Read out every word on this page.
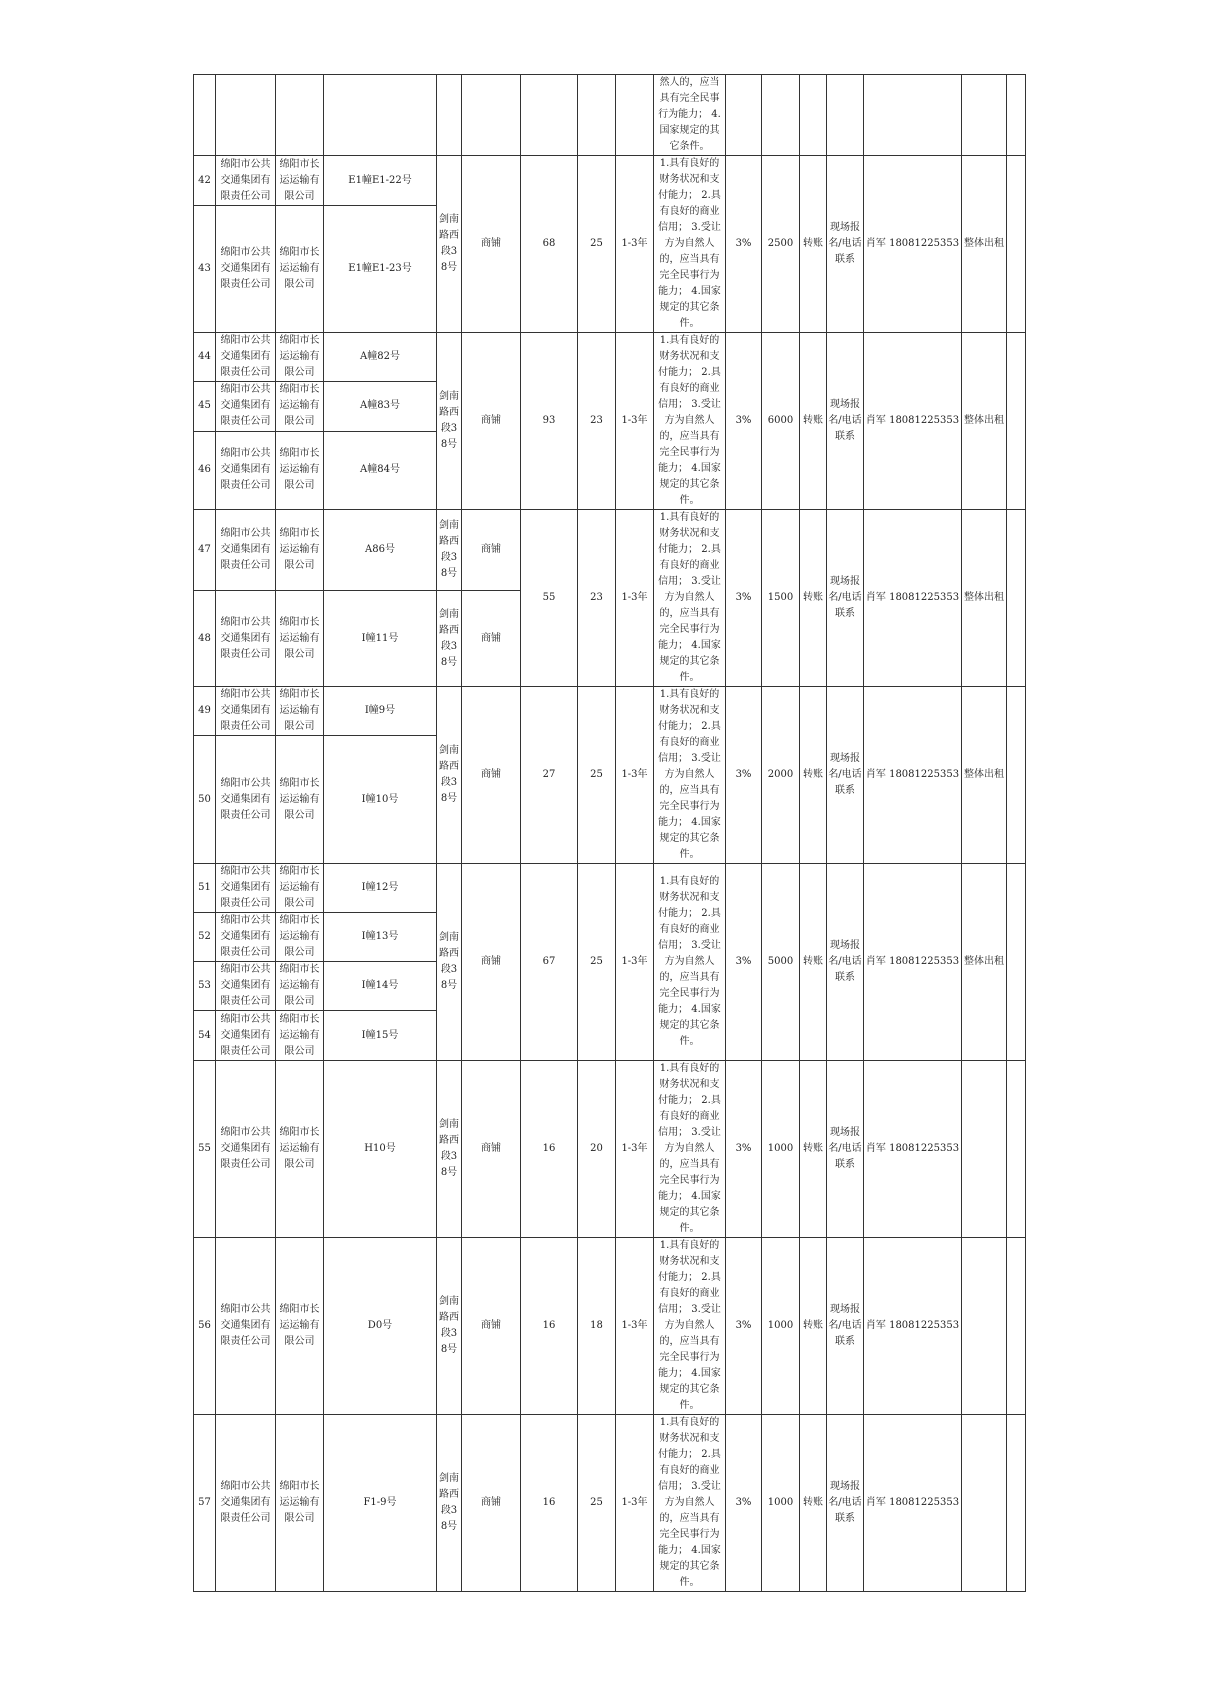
									然人的，应当具有完全民事行为能力； 4.国家规定的其它条件。							
42	绵阳市公共交通集团有限责任公司	绵阳市长运运输有限公司	E1幢E1-22号	剑南路西段38号	商铺	68	25	1-3年	1.具有良好的财务状况和支付能力； 2.具有良好的商业信用； 3.受让方为自然人的，应当具有完全民事行为能力； 4.国家规定的其它条件。	3%	2500	转账	现场报名/电话联系	肖军 18081225353	整体出租	
43	绵阳市公共交通集团有限责任公司	绵阳市长运运输有限公司	E1幢E1-23号													
44	绵阳市公共交通集团有限责任公司	绵阳市长运运输有限公司	A幢82号	剑南路西段38号	商铺	93	23	1-3年	1.具有良好的财务状况和支付能力； 2.具有良好的商业信用； 3.受让方为自然人的，应当具有完全民事行为能力； 4.国家规定的其它条件。	3%	6000	转账	现场报名/电话联系	肖军 18081225353	整体出租	
45	绵阳市公共交通集团有限责任公司	绵阳市长运运输有限公司	A幢83号													
46	绵阳市公共交通集团有限责任公司	绵阳市长运运输有限公司	A幢84号													
47	绵阳市公共交通集团有限责任公司	绵阳市长运运输有限公司	A86号	剑南路西段38号	商铺	55	23	1-3年	1.具有良好的财务状况和支付能力； 2.具有良好的商业信用； 3.受让方为自然人的，应当具有完全民事行为能力； 4.国家规定的其它条件。	3%	1500	转账	现场报名/电话联系	肖军 18081225353	整体出租	
48	绵阳市公共交通集团有限责任公司	绵阳市长运运输有限公司	I幢11号	剑南路西段38号	商铺											
49	绵阳市公共交通集团有限责任公司	绵阳市长运运输有限公司	I幢9号	剑南路西段38号	商铺	27	25	1-3年	1.具有良好的财务状况和支付能力； 2.具有良好的商业信用； 3.受让方为自然人的，应当具有完全民事行为能力； 4.国家规定的其它条件。	3%	2000	转账	现场报名/电话联系	肖军 18081225353	整体出租	
50	绵阳市公共交通集团有限责任公司	绵阳市长运运输有限公司	I幢10号													
51	绵阳市公共交通集团有限责任公司	绵阳市长运运输有限公司	I幢12号	剑南路西段38号	商铺	67	25	1-3年	1.具有良好的财务状况和支付能力； 2.具有良好的商业信用； 3.受让方为自然人的，应当具有完全民事行为能力； 4.国家规定的其它条件。	3%	5000	转账	现场报名/电话联系	肖军 18081225353	整体出租	
52	绵阳市公共交通集团有限责任公司	绵阳市长运运输有限公司	I幢13号													
53	绵阳市公共交通集团有限责任公司	绵阳市长运运输有限公司	I幢14号													
54	绵阳市公共交通集团有限责任公司	绵阳市长运运输有限公司	I幢15号													
55	绵阳市公共交通集团有限责任公司	绵阳市长运运输有限公司	H10号	剑南路西段38号	商铺	16	20	1-3年	1.具有良好的财务状况和支付能力； 2.具有良好的商业信用； 3.受让方为自然人的，应当具有完全民事行为能力； 4.国家规定的其它条件。	3%	1000	转账	现场报名/电话联系	肖军 18081225353		
56	绵阳市公共交通集团有限责任公司	绵阳市长运运输有限公司	D0号	剑南路西段38号	商铺	16	18	1-3年	1.具有良好的财务状况和支付能力； 2.具有良好的商业信用； 3.受让方为自然人的，应当具有完全民事行为能力； 4.国家规定的其它条件。	3%	1000	转账	现场报名/电话联系	肖军 18081225353		
57	绵阳市公共交通集团有限责任公司	绵阳市长运运输有限公司	F1-9号	剑南路西段38号	商铺	16	25	1-3年	1.具有良好的财务状况和支付能力； 2.具有良好的商业信用； 3.受让方为自然人的，应当具有完全民事行为能力； 4.国家规定的其它条件。	3%	1000	转账	现场报名/电话联系	肖军 18081225353		
